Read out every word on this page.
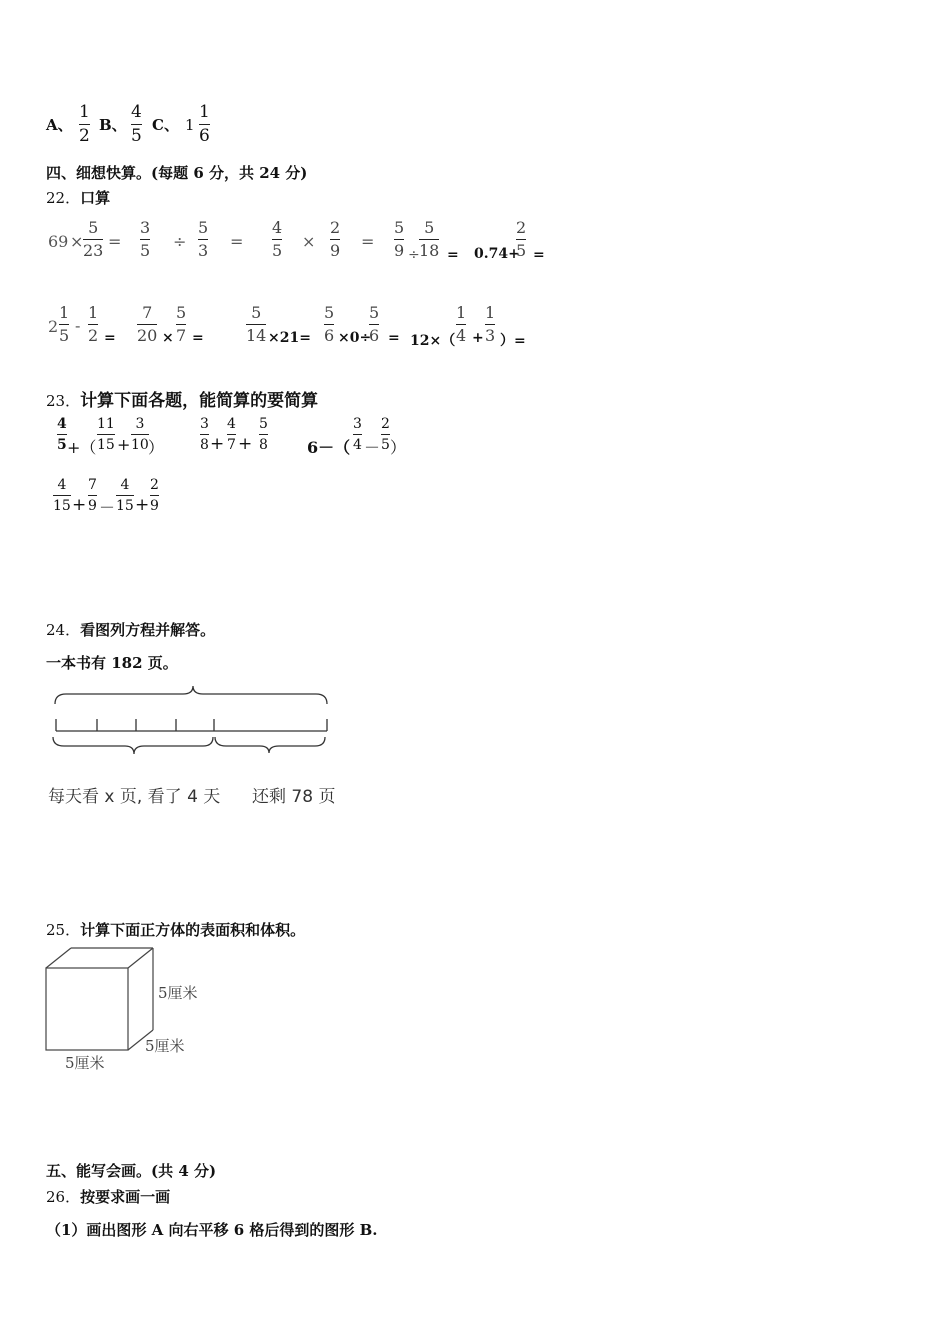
A、
1
2
B、
4
5
C、 1
1
6
四、细想快算。(每题 6 分，共 24 分)
22．口算
69 ×
5
23 =
3
5 ÷
5
3 =
4
5 ×
2
9 =
5
9 ÷
5
18 = 0.74+
2
5 =
2
1
5
-
1
2 =
7
20 ×
5
7 =
5
14 ×21=
5
6 ×0÷
5
6 = 12×（
1
4 +
1
3 ）=
23．计算下面各题，能简算的要简算
4
5 +（
11
15 +
3
10 ）
3
8 +
4
7 +
5
8 6－（
3
4 －
2
5 ）
4
15 +
7
9 －
4
15 +
2
9
24．看图列方程并解答。
一本书有 182 页。
每天看 x 页, 看了 4 天 还剩 78 页
25．计算下面正方体的表面积和体积。
5厘米
5厘米
5厘米
五、能写会画。(共 4 分)
26．按要求画一画
（1）画出图形 A 向右平移 6 格后得到的图形 B.
